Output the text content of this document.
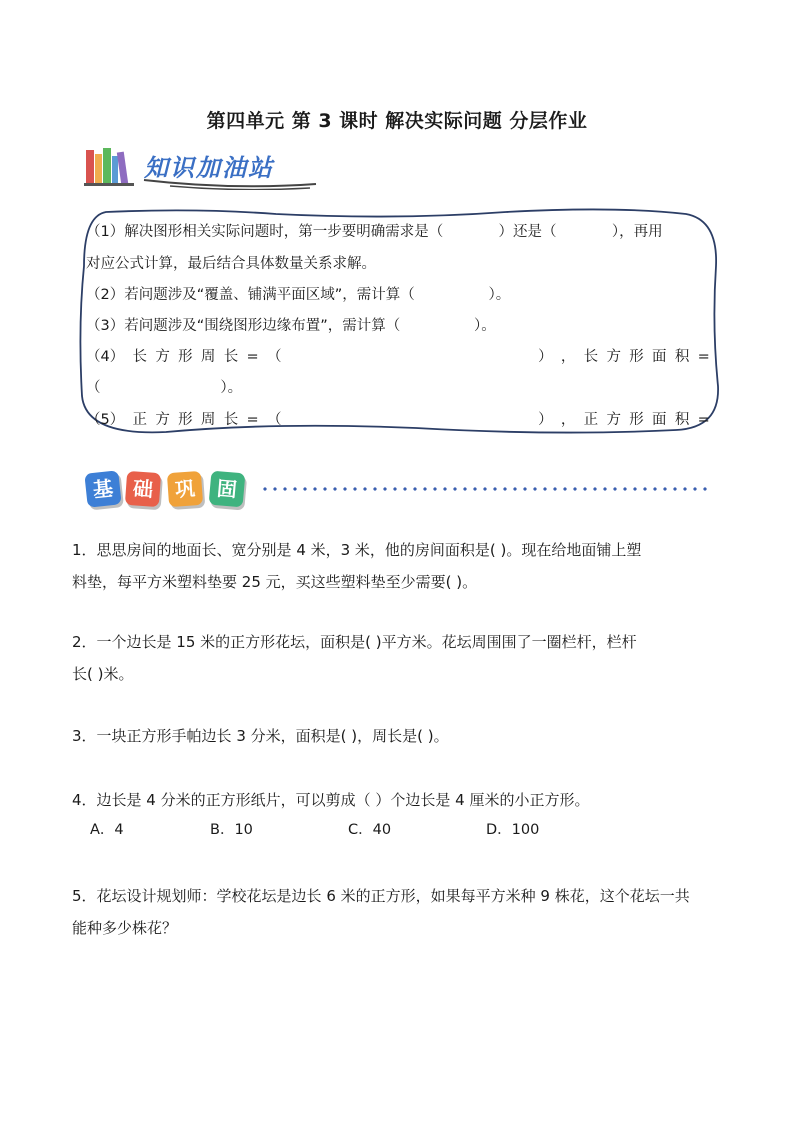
第四单元 第 3 课时 解决实际问题 分层作业
知识加油站
（1）解决图形相关实际问题时，第一步要明确需求是（            ）还是（            ），再用
对应公式计算，最后结合具体数量关系求解。
（2）若问题涉及“覆盖、铺满平面区域”，需计算（                ）。
（3）若问题涉及“围绕图形边缘布置”，需计算（                ）。
（4） 长 方 形 周 长 = （	） ， 长 方 形 面 积 =
（                          ）。
（5） 正 方 形 周 长 = （	） ， 正 方 形 面 积 =
基 础	巩	固
1．思思房间的地面长、宽分别是 4 米，3 米，他的房间面积是( )。现在给地面铺上塑
料垫，每平方米塑料垫要 25 元，买这些塑料垫至少需要( )。
2．一个边长是 15 米的正方形花坛，面积是( )平方米。花坛周围围了一圈栏杆，栏杆
长( )米。
3．一块正方形手帕边长 3 分米，面积是( )，周长是( )。
4．边长是 4 分米的正方形纸片，可以剪成（ ）个边长是 4 厘米的小正方形。
A．4	B．10	C．40	D．100
5．花坛设计规划师：学校花坛是边长 6 米的正方形，如果每平方米种 9 株花，这个花坛一共
能种多少株花？
